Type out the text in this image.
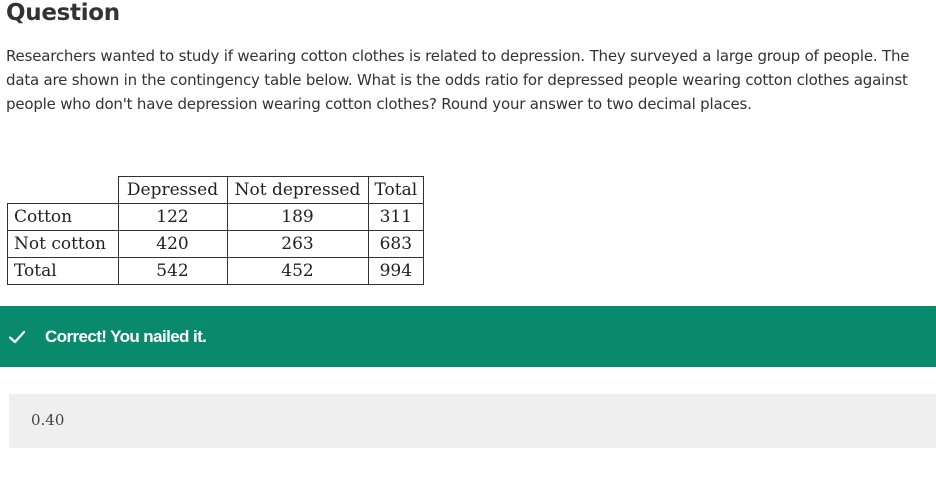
Question
Researchers wanted to study if wearing cotton clothes is related to depression. They surveyed a large group of people. The data are shown in the contingency table below. What is the odds ratio for depressed people wearing cotton clothes against people who don't have depression wearing cotton clothes? Round your answer to two decimal places.
	Depressed	Not depressed	Total
Cotton	122	189	311
Not cotton	420	263	683
Total	542	452	994
Correct! You nailed it.
0.40
